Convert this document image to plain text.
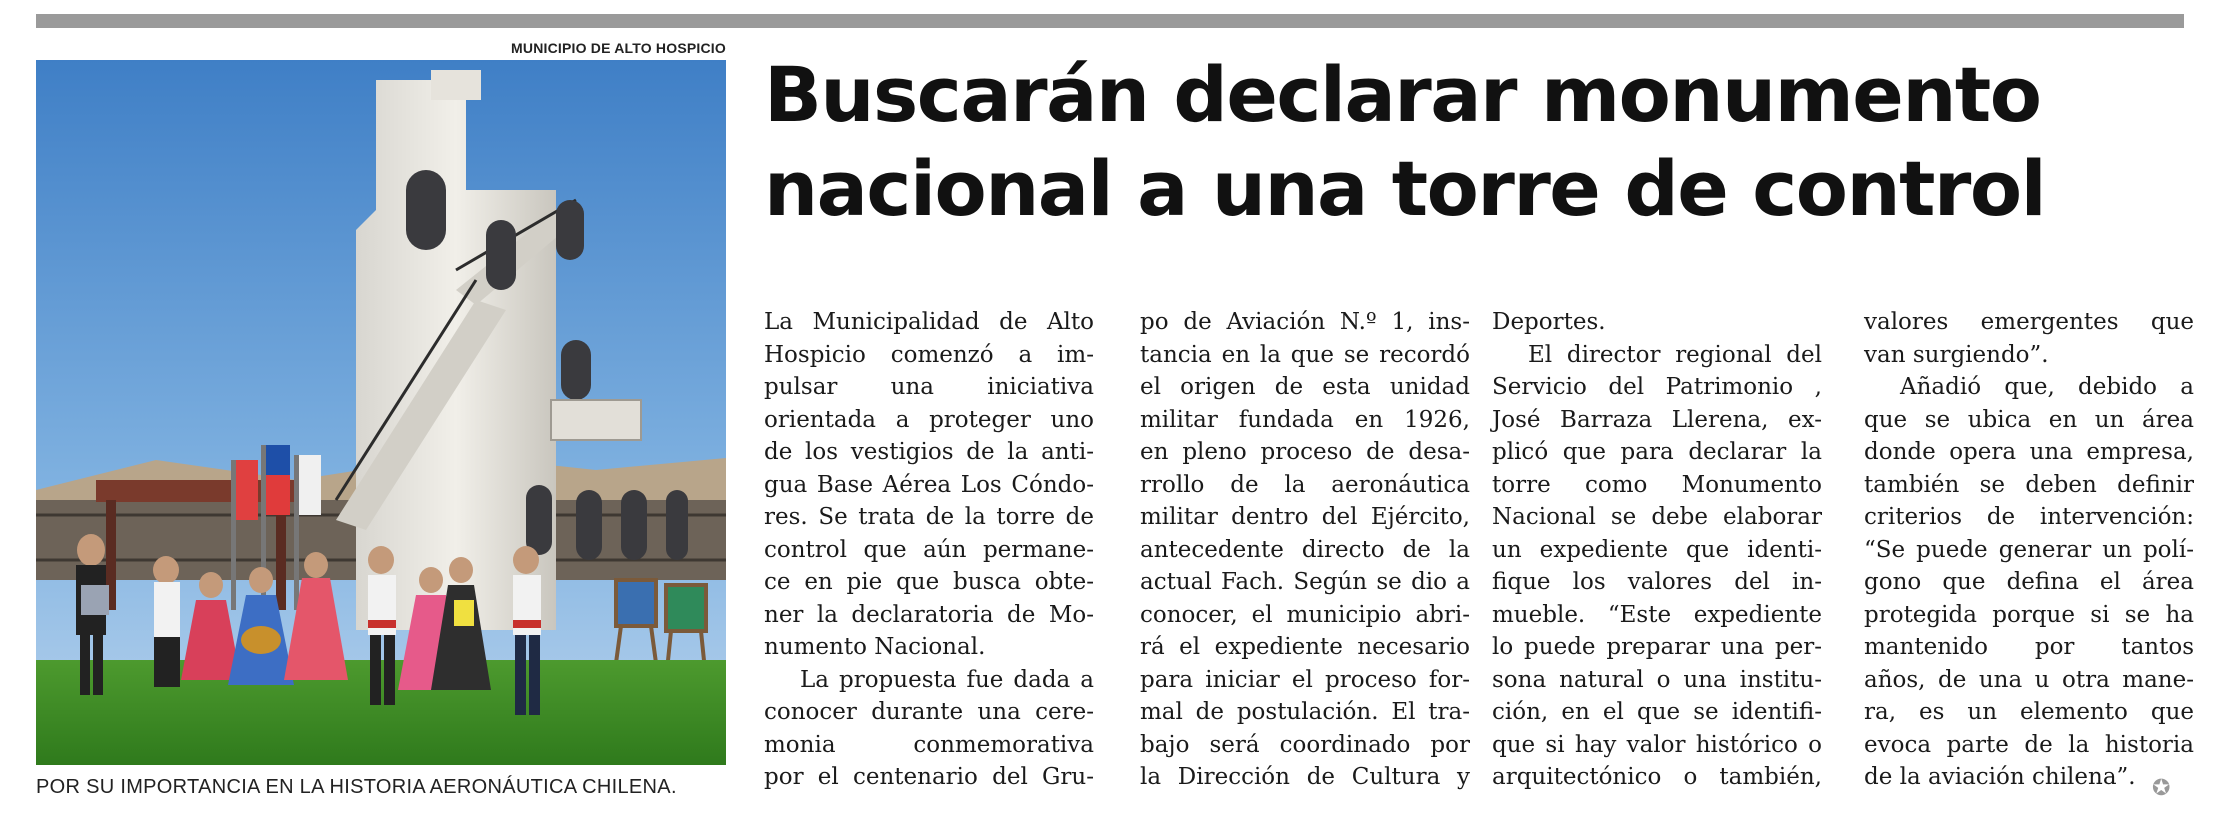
MUNICIPIO DE ALTO HOSPICIO
POR SU IMPORTANCIA EN LA HISTORIA AERONÁUTICA CHILENA.
Buscarán declarar monumento
nacional a una torre de control

La Municipalidad de Alto

Hospicio comenzó a im-

pulsar una iniciativa

orientada a proteger uno

de los vestigios de la anti-

gua Base Aérea Los Cóndo-

res. Se trata de la torre de

control que aún permane-

ce en pie que busca obte-

ner la declaratoria de Mo-

numento Nacional.

La propuesta fue dada a

conocer durante una cere-

monia conmemorativa

por el centenario del Gru-

po de Aviación N.º 1, ins-

tancia en la que se recordó

el origen de esta unidad

militar fundada en 1926,

en pleno proceso de desa-

rrollo de la aeronáutica

militar dentro del Ejército,

antecedente directo de la

actual Fach. Según se dio a

conocer, el municipio abri-

rá el expediente necesario

para iniciar el proceso for-

mal de postulación. El tra-

bajo será coordinado por

la Dirección de Cultura y

Deportes.

El director regional del

Servicio del Patrimonio ,

José Barraza Llerena, ex-

plicó que para declarar la

torre como Monumento

Nacional se debe elaborar

un expediente que identi-

fique los valores del in-

mueble. “Este expediente

lo puede preparar una per-

sona natural o una institu-

ción, en el que se identifi-

que si hay valor histórico o

arquitectónico o también,

valores emergentes que

van surgiendo”.

Añadió que, debido a

que se ubica en un área

donde opera una empresa,

también se deben definir

criterios de intervención:

“Se puede generar un polí-

gono que defina el área

protegida porque si se ha

mantenido por tantos

años, de una u otra mane-

ra, es un elemento que

evoca parte de la historia

de la aviación chilena”. ✪
